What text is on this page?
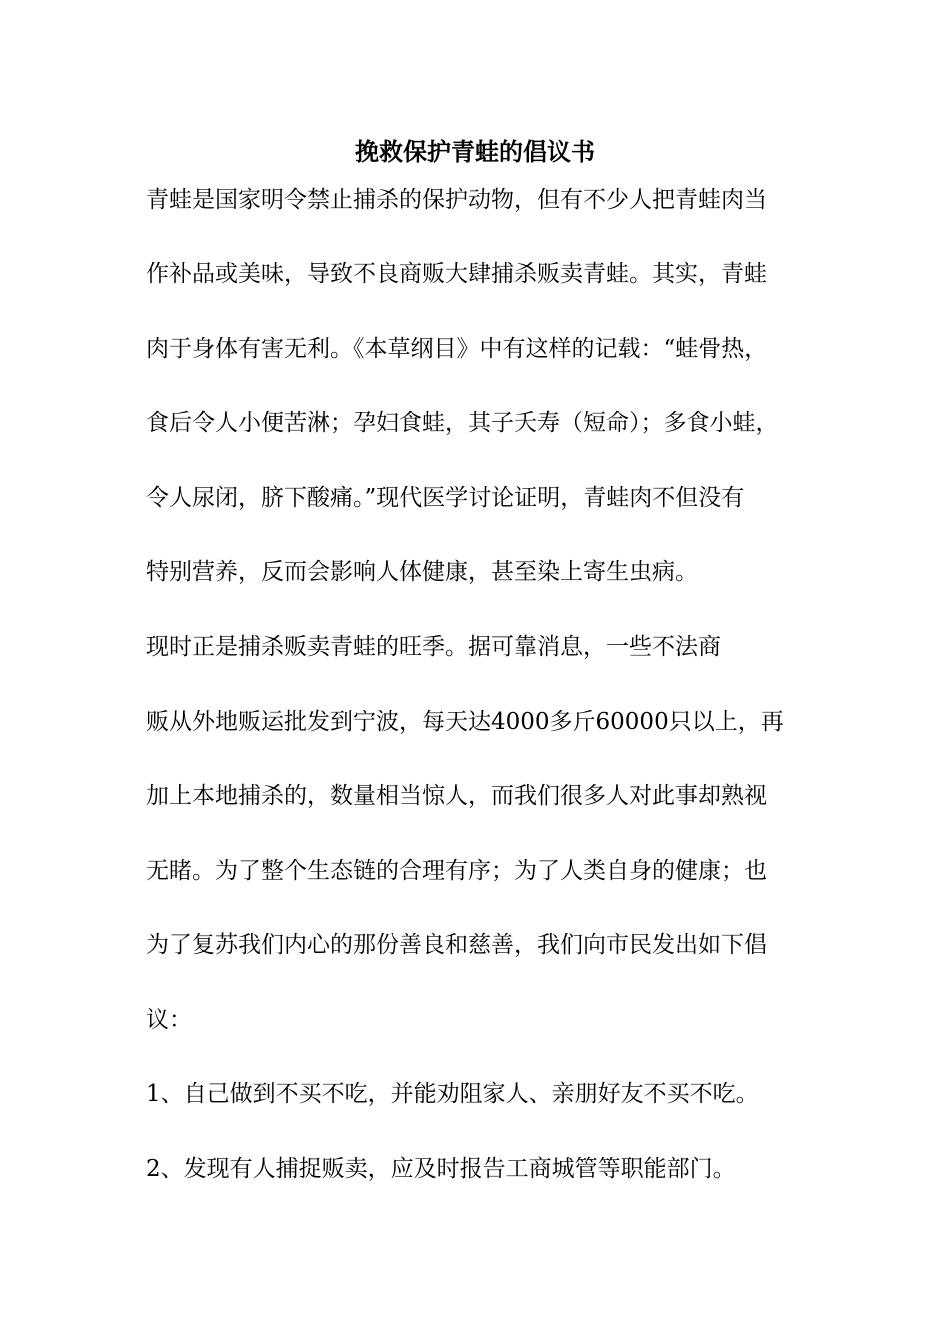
挽救保护青蛙的倡议书
青蛙是国家明令禁止捕杀的保护动物，但有不少人把青蛙肉当
作补品或美味，导致不良商贩大肆捕杀贩卖青蛙。其实，青蛙
肉于身体有害无利。《本草纲目》中有这样的记载：“蛙骨热，
食后令人小便苦淋；孕妇食蛙，其子夭寿（短命）；多食小蛙，
令人尿闭，脐下酸痛。”现代医学讨论证明，青蛙肉不但没有
特别营养，反而会影响人体健康，甚至染上寄生虫病。
现时正是捕杀贩卖青蛙的旺季。据可靠消息，一些不法商
贩从外地贩运批发到宁波，每天达4000多斤60000只以上，再
加上本地捕杀的，数量相当惊人，而我们很多人对此事却熟视
无睹。为了整个生态链的合理有序；为了人类自身的健康；也
为了复苏我们内心的那份善良和慈善，我们向市民发出如下倡
议：
1、自己做到不买不吃，并能劝阻家人、亲朋好友不买不吃。
2、发现有人捕捉贩卖，应及时报告工商城管等职能部门。
